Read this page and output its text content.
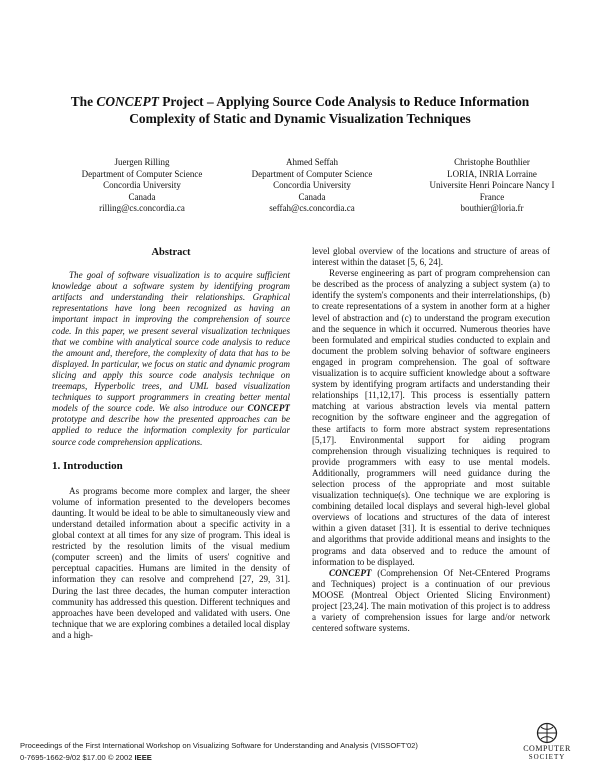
The CONCEPT Project – Applying Source Code Analysis to Reduce Information Complexity of Static and Dynamic Visualization Techniques
Juergen Rilling
Department of Computer Science
Concordia University
Canada
rilling@cs.concordia.ca
Ahmed Seffah
Department of Computer Science
Concordia University
Canada
seffah@cs.concordia.ca
Christophe Bouthlier
LORIA, INRIA Lorraine
Universite Henri Poincare Nancy I
France
bouthier@loria.fr
Abstract

The goal of software visualization is to acquire sufficient knowledge about a software system by identifying program artifacts and understanding their relationships. Graphical representations have long been recognized as having an important impact in improving the comprehension of source code. In this paper, we present several visualization techniques that we combine with analytical source code analysis to reduce the amount and, therefore, the complexity of data that has to be displayed. In particular, we focus on static and dynamic program slicing and apply this source code analysis technique on treemaps, Hyperbolic trees, and UML based visualization techniques to support programmers in creating better mental models of the source code. We also introduce our CONCEPT prototype and describe how the presented approaches can be applied to reduce the information complexity for particular source code comprehension applications.

1. Introduction

As programs become more complex and larger, the sheer volume of information presented to the developers becomes daunting. It would be ideal to be able to simultaneously view and understand detailed information about a specific activity in a global context at all times for any size of program. This ideal is restricted by the resolution limits of the visual medium (computer screen) and the limits of users' cognitive and perceptual capacities. Humans are limited in the density of information they can resolve and comprehend [27, 29, 31]. During the last three decades, the human computer interaction community has addressed this question. Different techniques and approaches have been developed and validated with users. One technique that we are exploring combines a detailed local display and a high-

level global overview of the locations and structure of areas of interest within the dataset [5, 6, 24].

Reverse engineering as part of program comprehension can be described as the process of analyzing a subject system (a) to identify the system's components and their interrelationships, (b) to create representations of a system in another form at a higher level of abstraction and (c) to understand the program execution and the sequence in which it occurred. Numerous theories have been formulated and empirical studies conducted to explain and document the problem solving behavior of software engineers engaged in program comprehension. The goal of software visualization is to acquire sufficient knowledge about a software system by identifying program artifacts and understanding their relationships [11,12,17]. This process is essentially pattern matching at various abstraction levels via mental pattern recognition by the software engineer and the aggregation of these artifacts to form more abstract system representations [5,17]. Environmental support for aiding program comprehension through visualizing techniques is required to provide programmers with easy to use mental models. Additionally, programmers will need guidance during the selection process of the appropriate and most suitable visualization technique(s). One technique we are exploring is combining detailed local displays and several high-level global overviews of locations and structures of the data of interest within a given dataset [31]. It is essential to derive techniques and algorithms that provide additional means and insights to the programs and data observed and to reduce the amount of information to be displayed.

CONCEPT (Comprehension Of Net-CEntered Programs and Techniques) project is a continuation of our previous MOOSE (Montreal Object Oriented Slicing Environment) project [23,24]. The main motivation of this project is to address a variety of comprehension issues for large and/or network centered software systems.

Proceedings of the First International Workshop on Visualizing Software for Understanding and Analysis (VISSOFT'02)
0-7695-1662-9/02 $17.00 © 2002 IEEE
COMPUTER
SOCIETY
